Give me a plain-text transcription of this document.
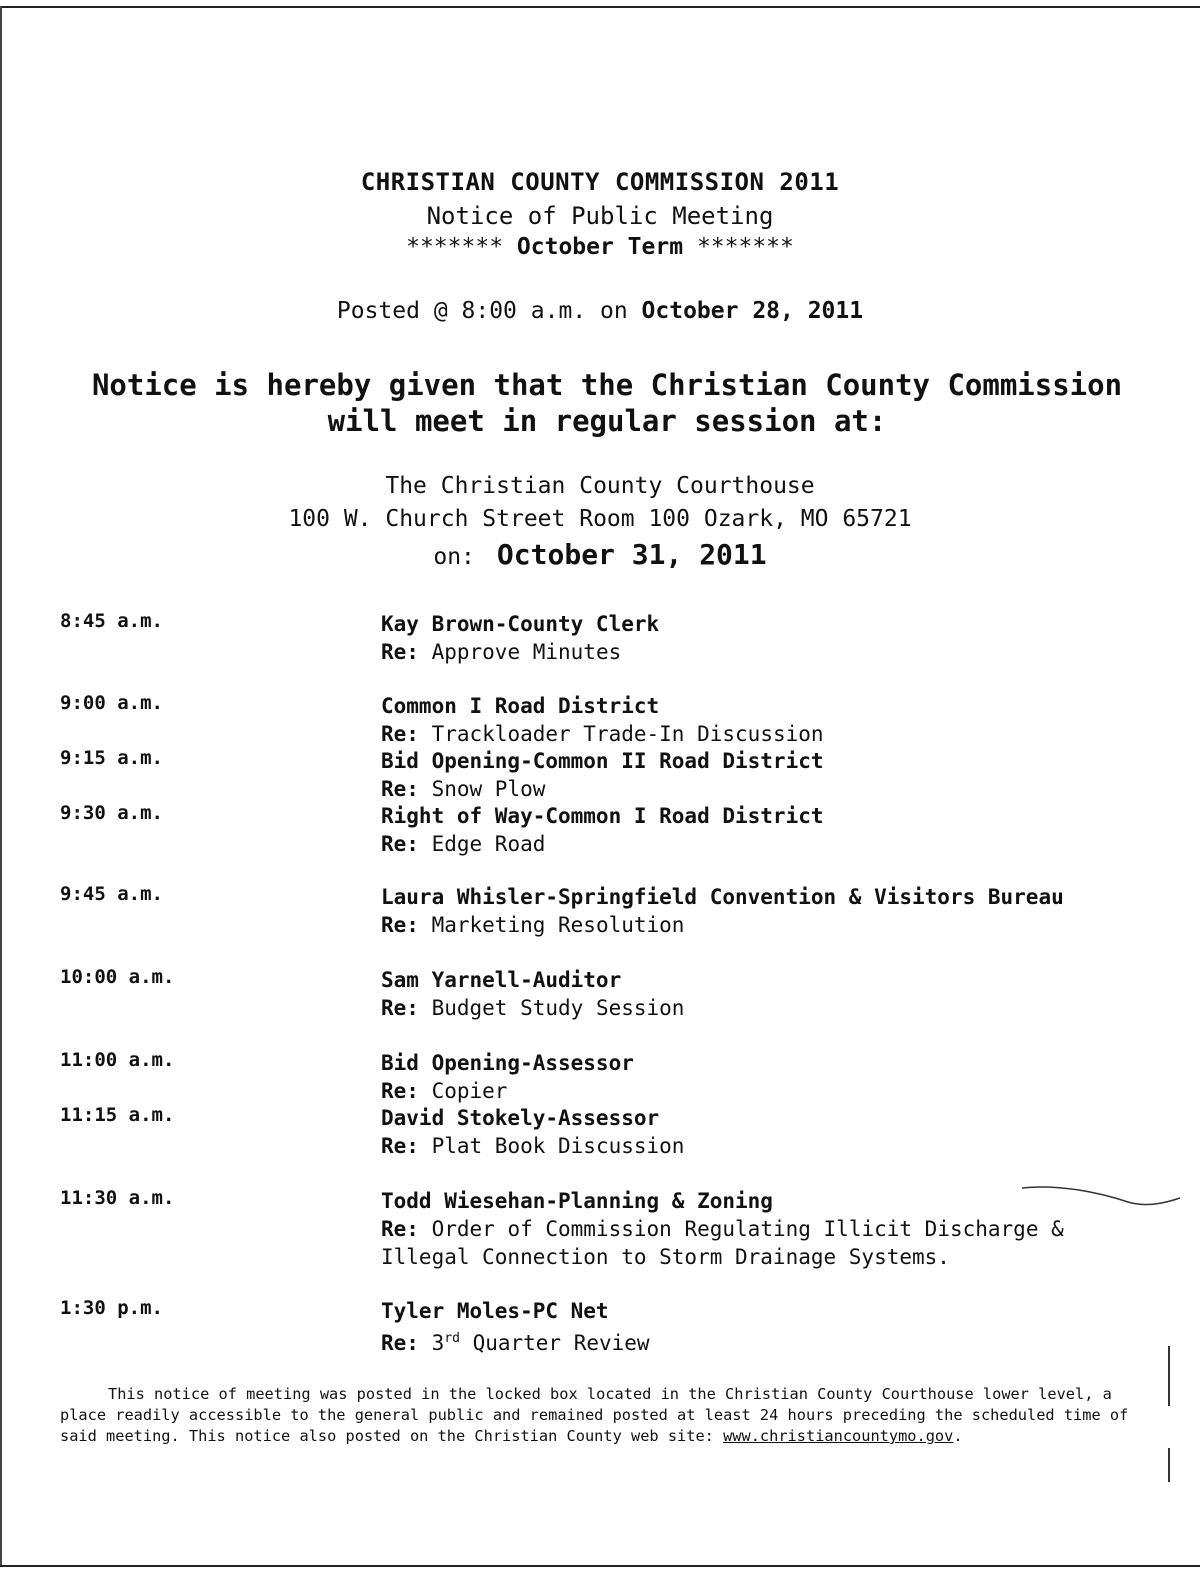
CHRISTIAN COUNTY COMMISSION 2011
Notice of Public Meeting
******* October Term *******
Posted @ 8:00 a.m. on October 28, 2011
Notice is hereby given that the Christian County Commission
will meet in regular session at:
The Christian County Courthouse
100 W. Church Street Room 100 Ozark, MO 65721
on: October 31, 2011
8:45 a.m.	Kay Brown-County Clerk
Re: Approve Minutes
9:00 a.m.	Common I Road District
Re: Trackloader Trade-In Discussion
9:15 a.m.	Bid Opening-Common II Road District
Re: Snow Plow
9:30 a.m.	Right of Way-Common I Road District
Re: Edge Road
9:45 a.m.	Laura Whisler-Springfield Convention & Visitors Bureau
Re: Marketing Resolution
10:00 a.m.	Sam Yarnell-Auditor
Re: Budget Study Session
11:00 a.m.	Bid Opening-Assessor
Re: Copier
11:15 a.m.	David Stokely-Assessor
Re: Plat Book Discussion
11:30 a.m.	Todd Wiesehan-Planning & Zoning
Re: Order of Commission Regulating Illicit Discharge &
Illegal Connection to Storm Drainage Systems.
1:30 p.m.	Tyler Moles-PC Net
Re: 3rd Quarter Review
This notice of meeting was posted in the locked box located in the Christian County Courthouse lower level, a place readily accessible to the general public and remained posted at least 24 hours preceding the scheduled time of said meeting. This notice also posted on the Christian County web site: www.christiancountymo.gov.
